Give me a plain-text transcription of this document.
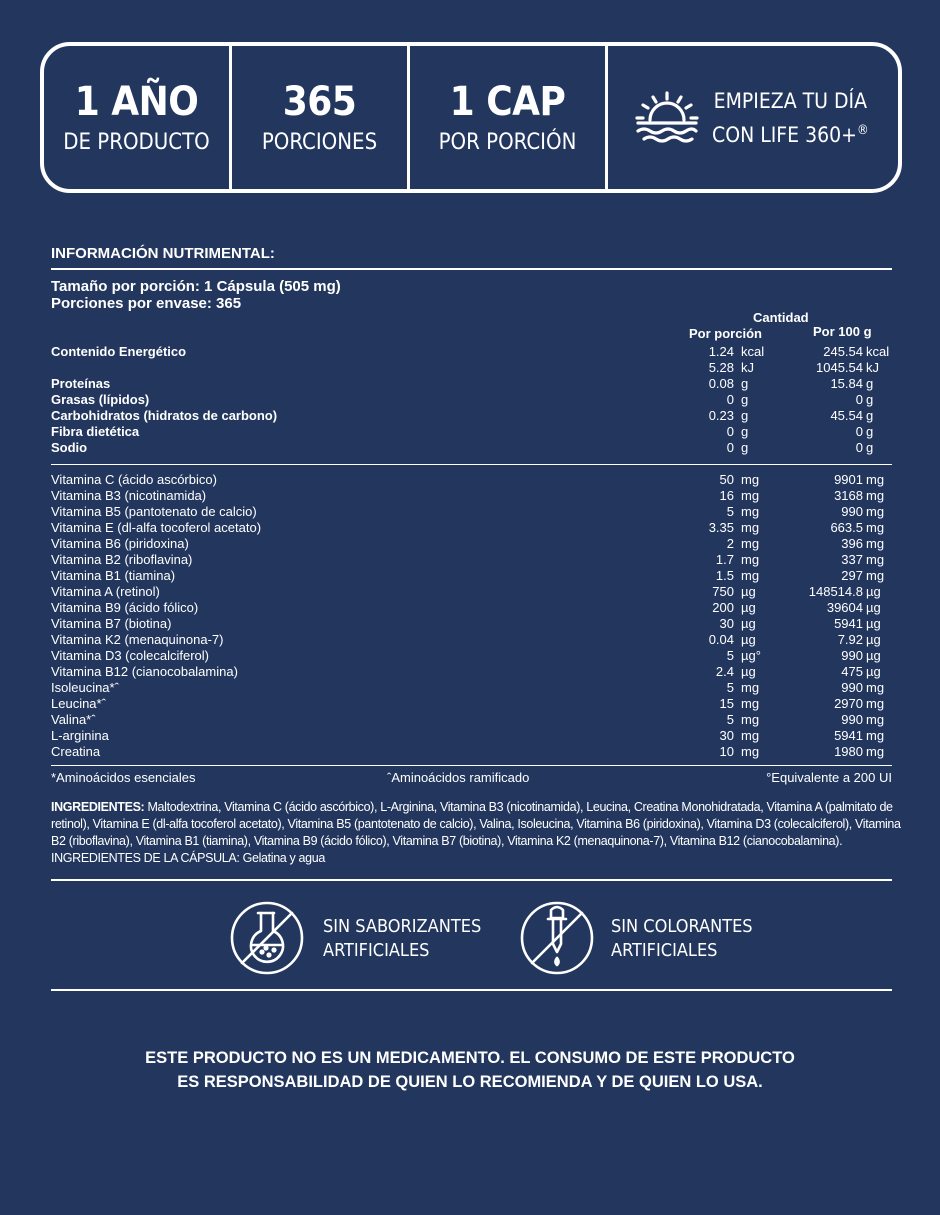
1 AÑO
DE PRODUCTO
365
PORCIONES
1 CAP
POR PORCIÓN
EMPIEZA TU DÍA
CON LIFE 360+®
INFORMACIÓN NUTRIMENTAL:
Tamaño por porción: 1 Cápsula (505 mg)
Porciones por envase: 365
Cantidad
Por porción	Por 100 g
Contenido Energético	1.24 kcal	245.54 kcal
5.28 kJ	1045.54 kJ
Proteínas	0.08 g	15.84 g
Grasas (lípidos)	0 g	0 g
Carbohidratos (hidratos de carbono)	0.23 g	45.54 g
Fibra dietética	0 g	0 g
Sodio	0 g	0 g
Vitamina C (ácido ascórbico)	50 mg	9901 mg
Vitamina B3 (nicotinamida)	16 mg	3168 mg
Vitamina B5 (pantotenato de calcio)	5 mg	990 mg
Vitamina E (dl-alfa tocoferol acetato)	3.35 mg	663.5 mg
Vitamina B6 (piridoxina)	2 mg	396 mg
Vitamina B2 (riboflavina)	1.7 mg	337 mg
Vitamina B1 (tiamina)	1.5 mg	297 mg
Vitamina A (retinol)	750 µg	148514.8 µg
Vitamina B9 (ácido fólico)	200 µg	39604 µg
Vitamina B7 (biotina)	30 µg	5941 µg
Vitamina K2 (menaquinona-7)	0.04 µg	7.92 µg
Vitamina D3 (colecalciferol)	5 µg°	990 µg
Vitamina B12 (cianocobalamina)	2.4 µg	475 µg
Isoleucina*ˆ	5 mg	990 mg
Leucina*ˆ	15 mg	2970 mg
Valina*ˆ	5 mg	990 mg
L-arginina	30 mg	5941 mg
Creatina	10 mg	1980 mg
*Aminoácidos esenciales	ˆAminoácidos ramificado	°Equivalente a 200 UI
INGREDIENTES: Maltodextrina, Vitamina C (ácido ascórbico), L-Arginina, Vitamina B3 (nicotinamida), Leucina, Creatina Monohidratada, Vitamina A (palmitato de retinol), Vitamina E (dl-alfa tocoferol acetato), Vitamina B5 (pantotenato de calcio), Valina, Isoleucina, Vitamina B6 (piridoxina), Vitamina D3 (colecalciferol), Vitamina B2 (riboflavina), Vitamina B1 (tiamina), Vitamina B9 (ácido fólico), Vitamina B7 (biotina), Vitamina K2 (menaquinona-7), Vitamina B12 (cianocobalamina). INGREDIENTES DE LA CÁPSULA: Gelatina y agua
SIN SABORIZANTES
ARTIFICIALES
SIN COLORANTES
ARTIFICIALES
ESTE PRODUCTO NO ES UN MEDICAMENTO. EL CONSUMO DE ESTE PRODUCTO
ES RESPONSABILIDAD DE QUIEN LO RECOMIENDA Y DE QUIEN LO USA.
